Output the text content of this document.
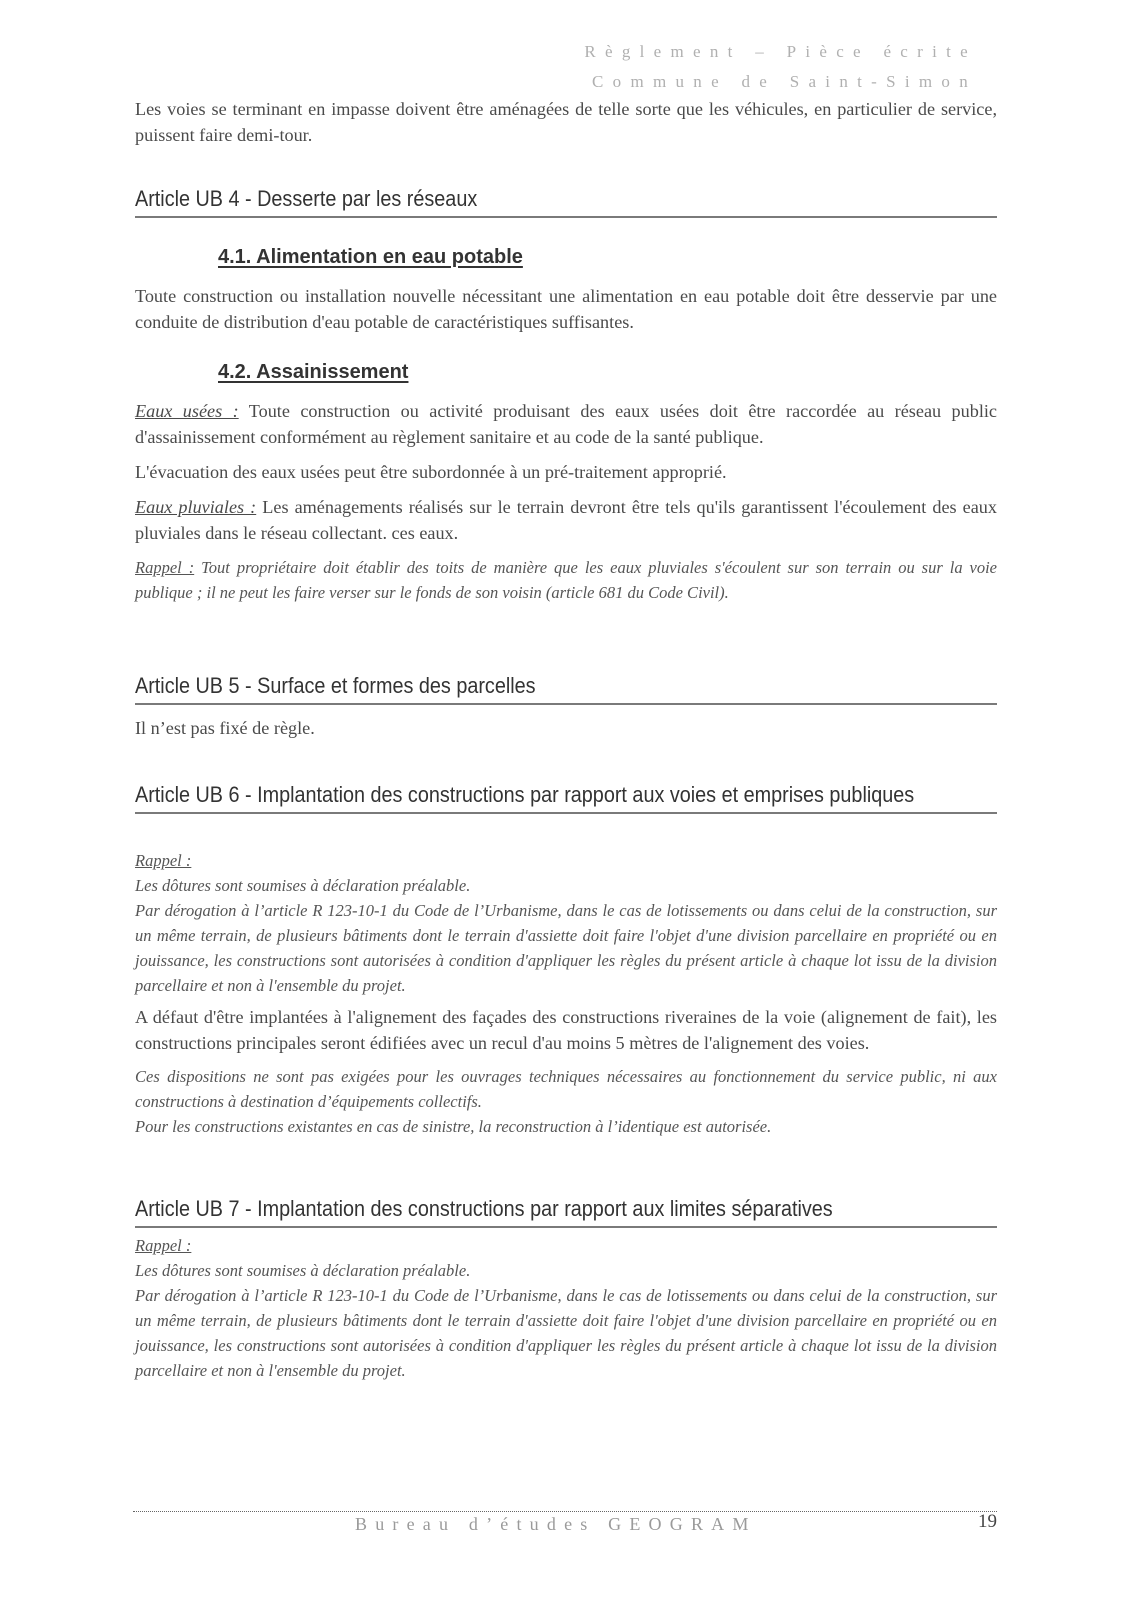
Règlement – Pièce écrite
Commune de Saint-Simon

Les voies se terminant en impasse doivent être aménagées de telle sorte que les véhicules, en particulier de service, puissent faire demi-tour.

Article UB 4 - Desserte par les réseaux
4.1. Alimentation en eau potable

Toute construction ou installation nouvelle nécessitant une alimentation en eau potable doit être desservie par une conduite de distribution d'eau potable de caractéristiques suffisantes.

4.2. Assainissement

Eaux usées : Toute construction ou activité produisant des eaux usées doit être raccordée au réseau public d'assainissement conformément au règlement sanitaire et au code de la santé publique.

L'évacuation des eaux usées peut être subordonnée à un pré-traitement approprié.

Eaux pluviales : Les aménagements réalisés sur le terrain devront être tels qu'ils garantissent l'écoulement des eaux pluviales dans le réseau collectant. ces eaux.

Rappel : Tout propriétaire doit établir des toits de manière que les eaux pluviales s'écoulent sur son terrain ou sur la voie publique ; il ne peut les faire verser sur le fonds de son voisin (article 681 du Code Civil).

Article UB 5 - Surface et formes des parcelles

Il n’est pas fixé de règle.

Article UB 6 - Implantation des constructions par rapport aux voies et emprises publiques

Rappel :

Les dôtures sont soumises à déclaration préalable.

Par dérogation à l’article R 123-10-1 du Code de l’Urbanisme, dans le cas de lotissements ou dans celui de la construction, sur un même terrain, de plusieurs bâtiments dont le terrain d'assiette doit faire l'objet d'une division parcellaire en propriété ou en jouissance, les constructions sont autorisées à condition d'appliquer les règles du présent article à chaque lot issu de la division parcellaire et non à l'ensemble du projet.

A défaut d'être implantées à l'alignement des façades des constructions riveraines de la voie (alignement de fait), les constructions principales seront édifiées avec un recul d'au moins 5 mètres de l'alignement des voies.

Ces dispositions ne sont pas exigées pour les ouvrages techniques nécessaires au fonctionnement du service public, ni aux constructions à destination d’équipements collectifs.

Pour les constructions existantes en cas de sinistre, la reconstruction à l’identique est autorisée.

Article UB 7 - Implantation des constructions par rapport aux limites séparatives

Rappel :

Les dôtures sont soumises à déclaration préalable.

Par dérogation à l’article R 123-10-1 du Code de l’Urbanisme, dans le cas de lotissements ou dans celui de la construction, sur un même terrain, de plusieurs bâtiments dont le terrain d'assiette doit faire l'objet d'une division parcellaire en propriété ou en jouissance, les constructions sont autorisées à condition d'appliquer les règles du présent article à chaque lot issu de la division parcellaire et non à l'ensemble du projet.

Bureau d’études GEOGRAM	19
